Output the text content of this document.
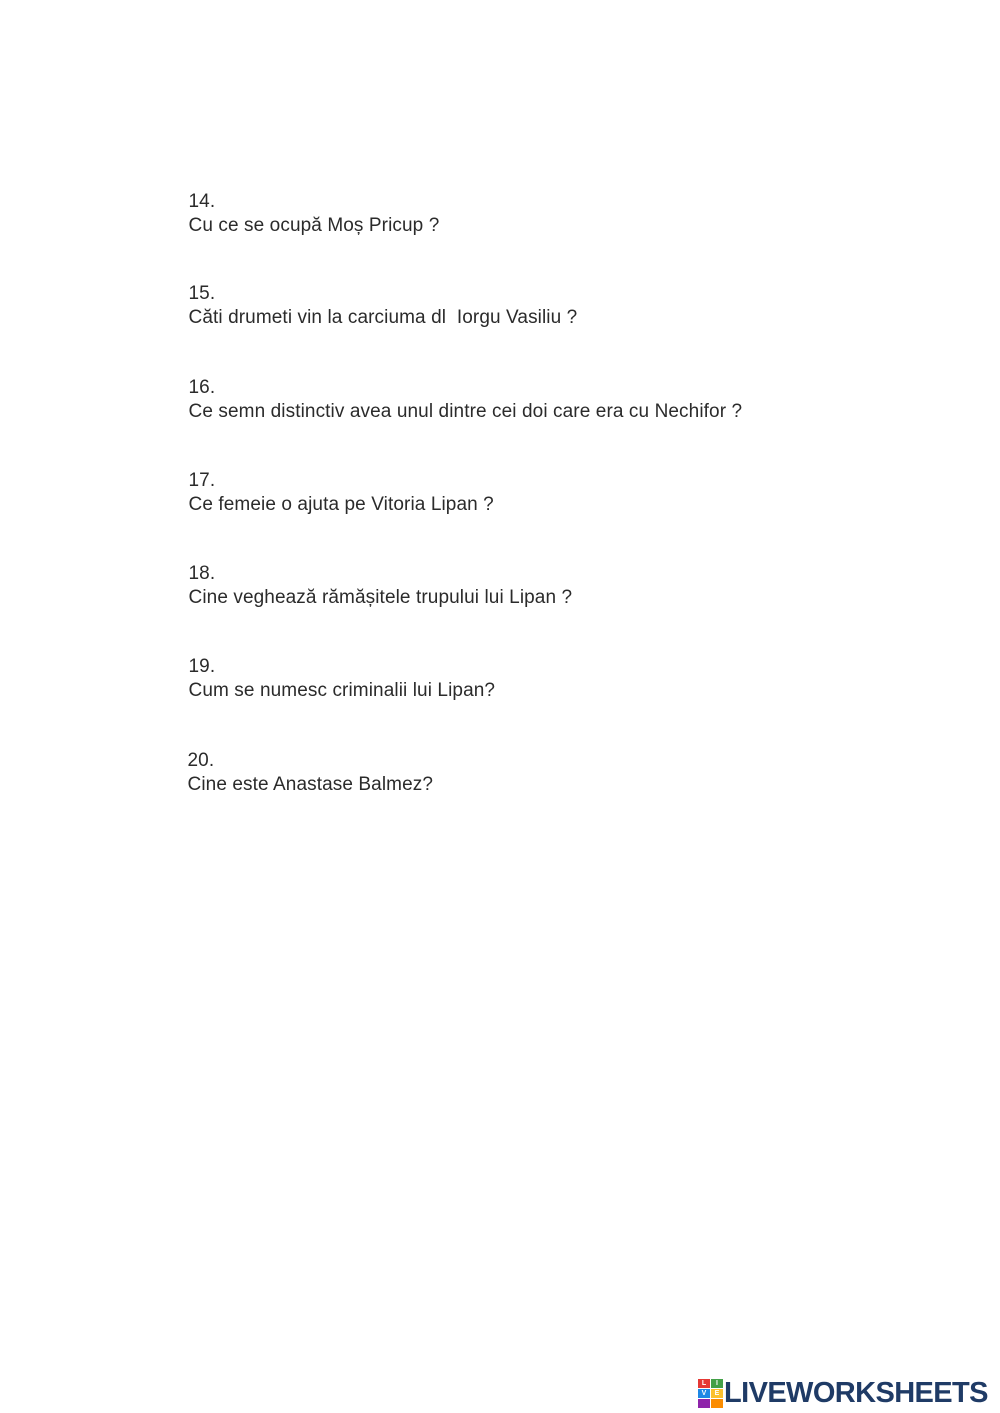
14.
Cu ce se ocupă Moș Pricup ?

15.
Căti drumeti vin la carciuma dl  Iorgu Vasiliu ?

16.
Ce semn distinctiv avea unul dintre cei doi care era cu Nechifor ?

17.
Ce femeie o ajuta pe Vitoria Lipan ?

18.
Cine veghează rămășitele trupului lui Lipan ?

19.
Cum se numesc criminalii lui Lipan?

20.
Cine este Anastase Balmez?

L	I
V	E LIVEWORKSHEETS
